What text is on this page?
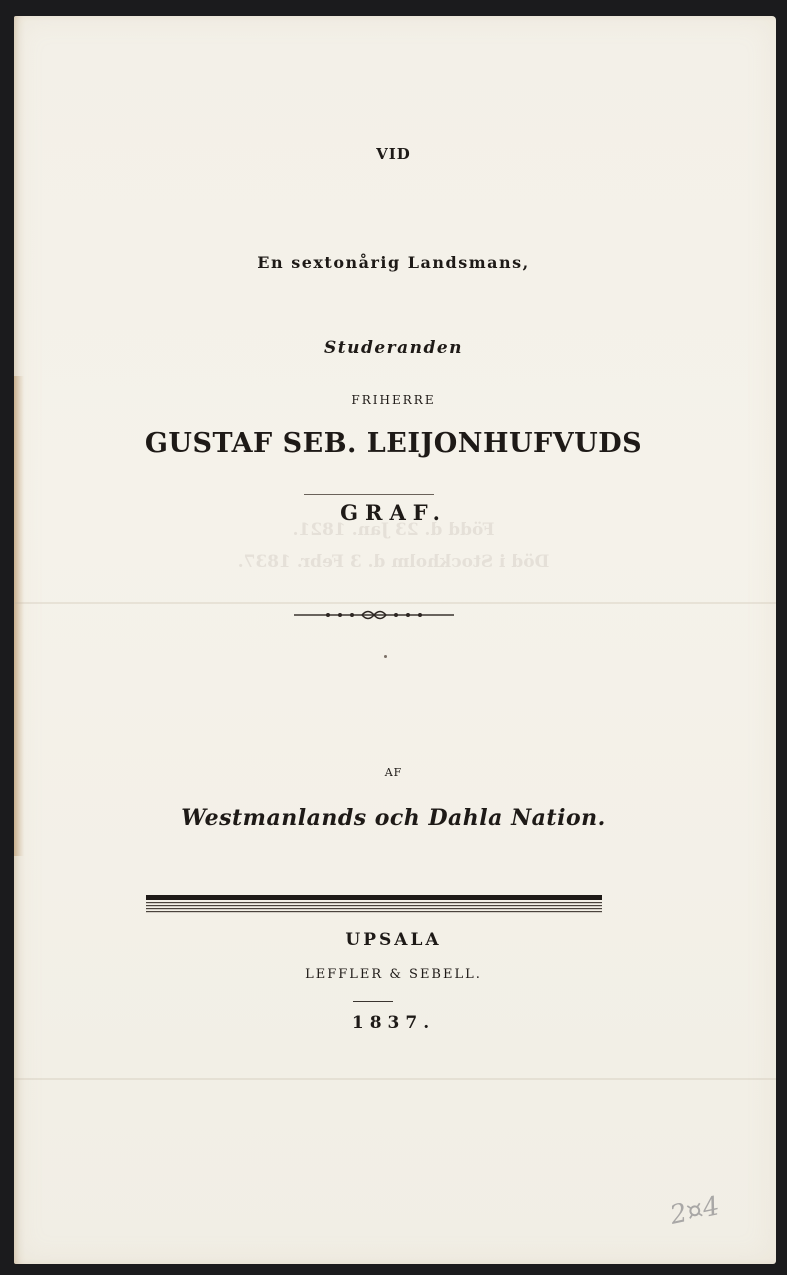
Född d. 23 Jan. 1821.
Död i Stockholm d. 3 Febr. 1837.
VID
En sextonårig Landsmans,
Studeranden
FRIHERRE
GUSTAF SEB. LEIJONHUFVUDS
GRAF.
AF
Westmanlands och Dahla Nation.
UPSALA
LEFFLER & SEBELL.
1837.
2¤4
